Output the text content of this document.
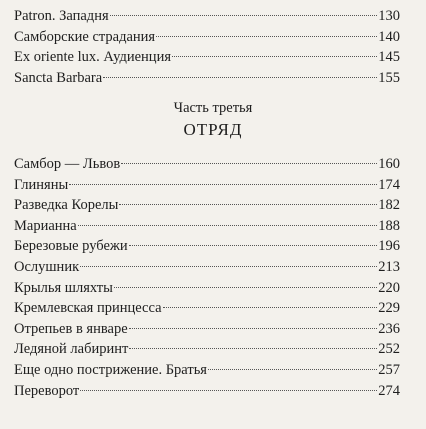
Patron. Западня	130
Самборские страдания	140
Ex oriente lux. Аудиенция	145
Sancta Barbara	155
Часть третья
ОТРЯД
Самбор — Львов	160
Глиняны	174
Разведка Корелы	182
Марианна	188
Березовые рубежи	196
Ослушник	213
Крылья шляхты	220
Кремлевская принцесса	229
Отрепьев в январе	236
Ледяной лабиринт	252
Еще одно пострижение. Братья	257
Переворот	274
